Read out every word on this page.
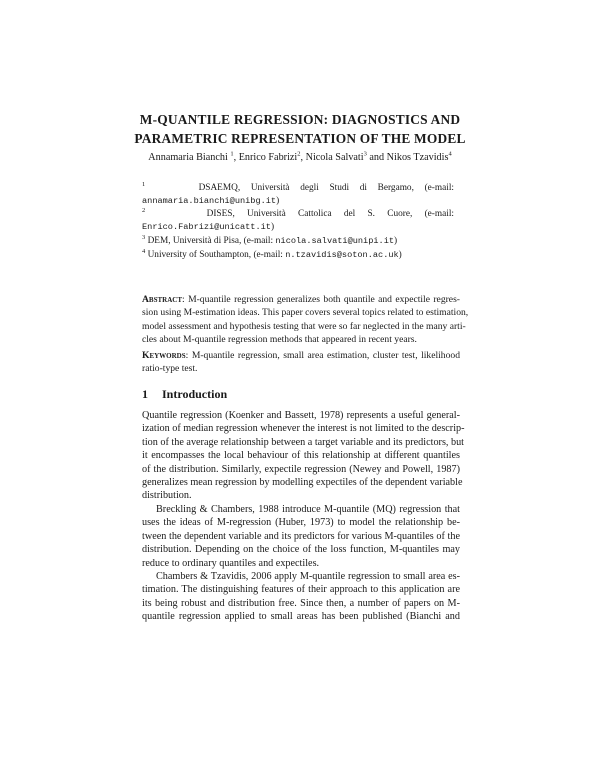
M-QUANTILE REGRESSION: DIAGNOSTICS AND
PARAMETRIC REPRESENTATION OF THE MODEL
Annamaria Bianchi $^1$, Enrico Fabrizi$^2$, Nicola Salvati$^3$ and Nikos Tzavidis$^4$
$^1$	DSAEMQ, Università degli Studi di Bergamo, (e-mail:
annamaria.bianchi@unibg.it)
$^2$	DISES, Università Cattolica del S. Cuore, (e-mail:
Enrico.Fabrizi@unicatt.it)
$^3$ DEM, Università di Pisa, (e-mail: nicola.salvati@unipi.it)
$^4$ University of Southampton, (e-mail: n.tzavidis@soton.ac.uk)
Abstract: M-quantile regression generalizes both quantile and expectile regres-
sion using M-estimation ideas. This paper covers several topics related to estimation,
model assessment and hypothesis testing that were so far neglected in the many arti-
cles about M-quantile regression methods that appeared in recent years.
Keywords: M-quantile regression, small area estimation, cluster test, likelihood
ratio-type test.
1 Introduction
Quantile regression (Koenker and Bassett, 1978) represents a useful general-
ization of median regression whenever the interest is not limited to the descrip-
tion of the average relationship between a target variable and its predictors, but
it encompasses the local behaviour of this relationship at different quantiles
of the distribution. Similarly, expectile regression (Newey and Powell, 1987)
generalizes mean regression by modelling expectiles of the dependent variable
distribution.
Breckling & Chambers, 1988 introduce M-quantile (MQ) regression that
uses the ideas of M-regression (Huber, 1973) to model the relationship be-
tween the dependent variable and its predictors for various M-quantiles of the
distribution. Depending on the choice of the loss function, M-quantiles may
reduce to ordinary quantiles and expectiles.
Chambers & Tzavidis, 2006 apply M-quantile regression to small area es-
timation. The distinguishing features of their approach to this application are
its being robust and distribution free. Since then, a number of papers on M-
quantile regression applied to small areas has been published (Bianchi and
